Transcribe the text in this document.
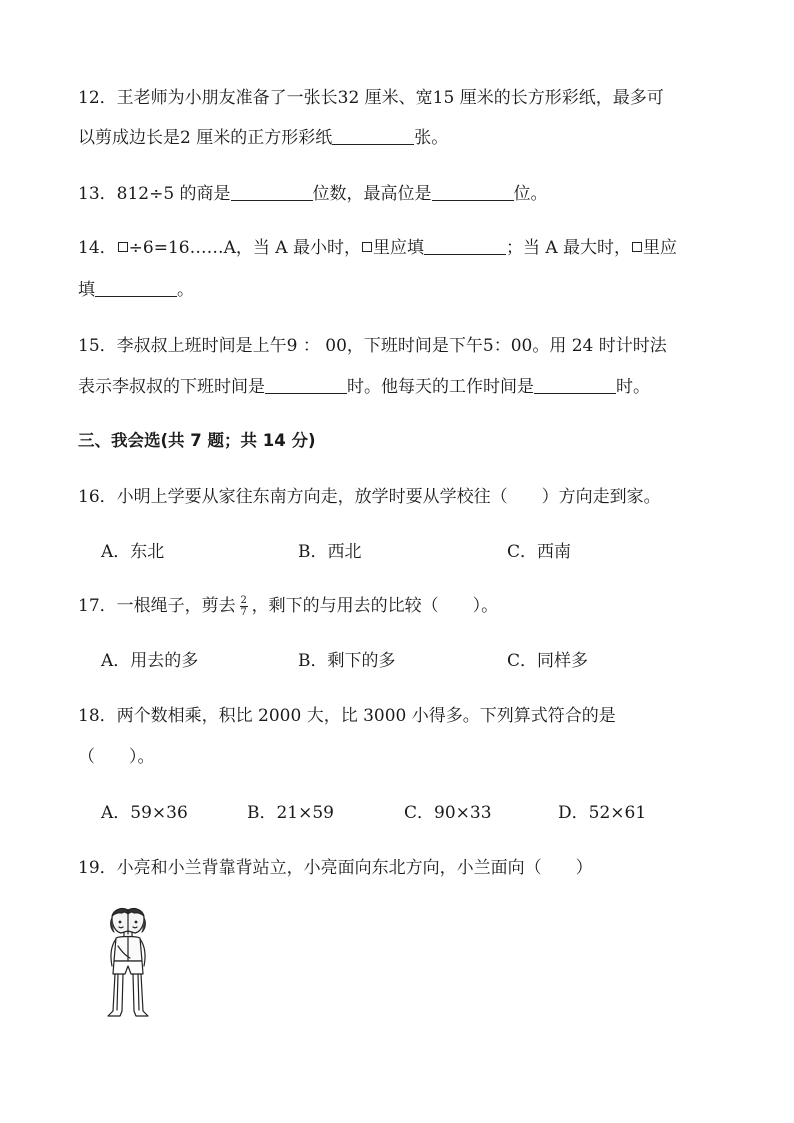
12．王老师为小朋友准备了一张长32 厘米、宽15 厘米的长方形彩纸，最多可
以剪成边长是2 厘米的正方形彩纸	张。
13．812÷5 的商是	位数，最高位是	位。
14． ÷6=16……A，当 A 最小时， 里应填	；当 A 最大时， 里应
填	。
15．李叔叔上班时间是上午9 ： 00，下班时间是下午5：00。用 24 时计时法
表示李叔叔的下班时间是	时。他每天的工作时间是	时。
三、我会选(共 7 题；共 14 分)
16．小明上学要从家往东南方向走，放学时要从学校往（　　）方向走到家。
A．东北	B．西北	C．西南
17．一根绳子，剪去 $\frac{2}{7}$ ，剩下的与用去的比较（　　）。
A．用去的多	B．剩下的多	C．同样多
18．两个数相乘，积比 2000 大，比 3000 小得多。下列算式符合的是
（　　）。
A．59×36	B．21×59	C．90×33	D．52×61
19．小亮和小兰背靠背站立，小亮面向东北方向，小兰面向（　　）
